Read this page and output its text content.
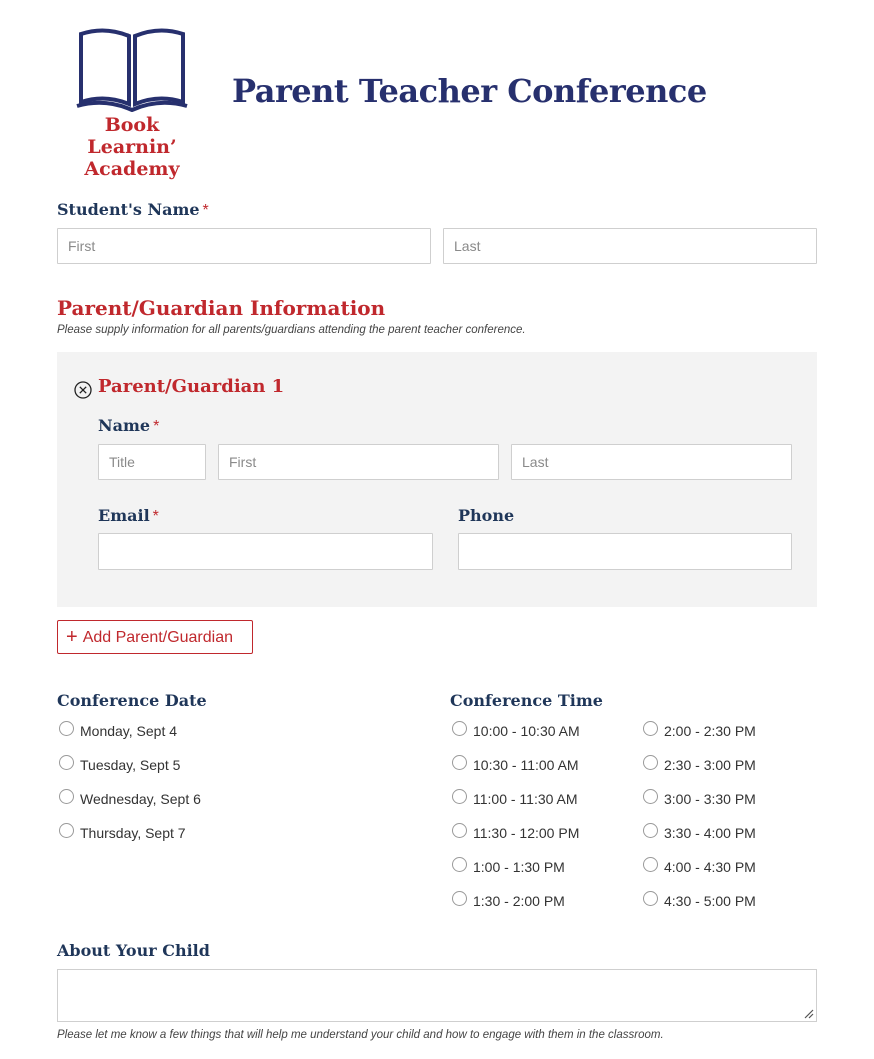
Book Learnin’
Academy
Parent Teacher Conference
Student's Name *
First	Last
Parent/Guardian Information
Please supply information for all parents/guardians attending the parent teacher conference.
Parent/Guardian 1
Name *
Title	First	Last
Email *	Phone
+ Add Parent/Guardian
Conference Date
Monday, Sept 4
Tuesday, Sept 5
Wednesday, Sept 6
Thursday, Sept 7
Conference Time
10:00 - 10:30 AM
10:30 - 11:00 AM
11:00 - 11:30 AM
11:30 - 12:00 PM
1:00 - 1:30 PM
1:30 - 2:00 PM
2:00 - 2:30 PM
2:30 - 3:00 PM
3:00 - 3:30 PM
3:30 - 4:00 PM
4:00 - 4:30 PM
4:30 - 5:00 PM
About Your Child
Please let me know a few things that will help me understand your child and how to engage with them in the classroom.
